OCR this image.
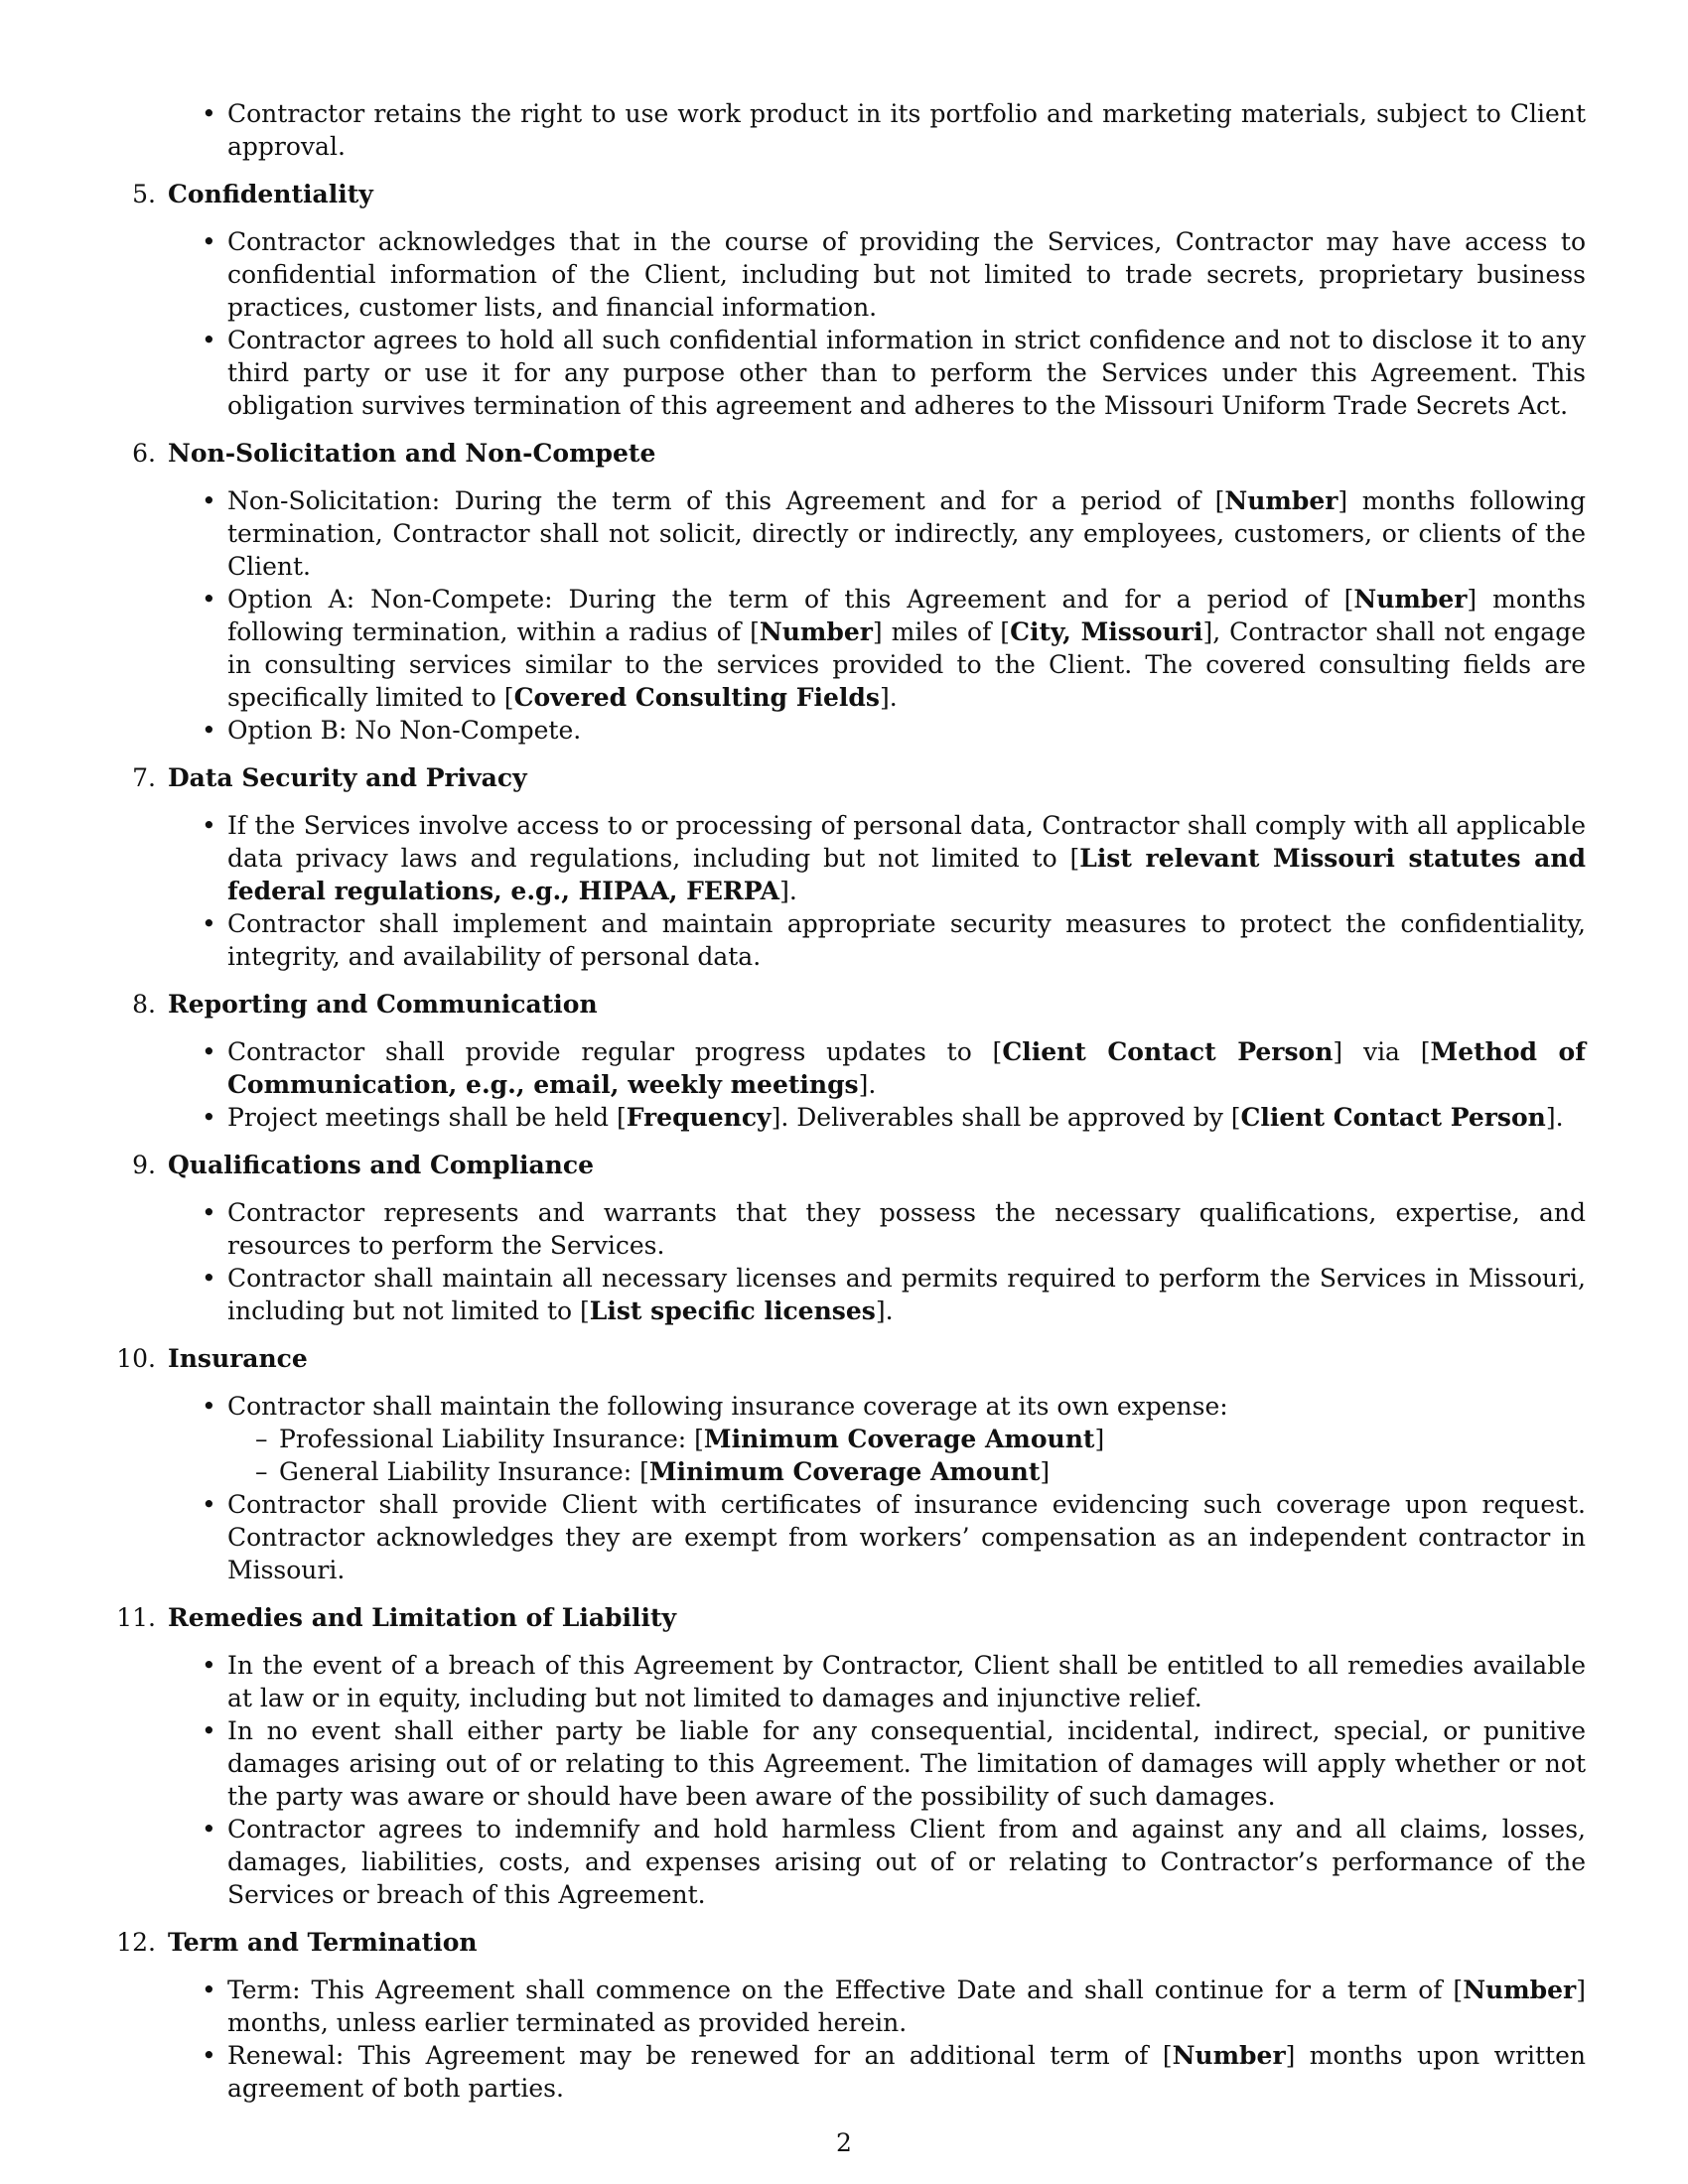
• Contractor retains the right to use work product in its portfolio and marketing materials, subject to Client approval.
5. Confidentiality
• Contractor acknowledges that in the course of providing the Services, Contractor may have access to confidential information of the Client, including but not limited to trade secrets, proprietary business practices, customer lists, and financial information.
• Contractor agrees to hold all such confidential information in strict confidence and not to disclose it to any third party or use it for any purpose other than to perform the Services under this Agreement. This obligation survives termination of this agreement and adheres to the Missouri Uniform Trade Secrets Act.
6. Non-Solicitation and Non-Compete
• Non-Solicitation: During the term of this Agreement and for a period of [Number] months following termination, Contractor shall not solicit, directly or indirectly, any employees, customers, or clients of the Client.
• Option A: Non-Compete: During the term of this Agreement and for a period of [Number] months following termination, within a radius of [Number] miles of [City, Missouri], Contractor shall not engage in consulting services similar to the services provided to the Client. The covered consulting fields are specifically limited to [Covered Consulting Fields].
• Option B: No Non-Compete.
7. Data Security and Privacy
• If the Services involve access to or processing of personal data, Contractor shall comply with all applicable data privacy laws and regulations, including but not limited to [List relevant Missouri statutes and federal regulations, e.g., HIPAA, FERPA].
• Contractor shall implement and maintain appropriate security measures to protect the confidentiality, integrity, and availability of personal data.
8. Reporting and Communication
• Contractor shall provide regular progress updates to [Client Contact Person] via [Method of Communication, e.g., email, weekly meetings].
• Project meetings shall be held [Frequency]. Deliverables shall be approved by [Client Contact Person].
9. Qualifications and Compliance
• Contractor represents and warrants that they possess the necessary qualifications, expertise, and resources to perform the Services.
• Contractor shall maintain all necessary licenses and permits required to perform the Services in Missouri, including but not limited to [List specific licenses].
10. Insurance
• Contractor shall maintain the following insurance coverage at its own expense:
– Professional Liability Insurance: [Minimum Coverage Amount]
– General Liability Insurance: [Minimum Coverage Amount]
• Contractor shall provide Client with certificates of insurance evidencing such coverage upon request. Contractor acknowledges they are exempt from workers’ compensation as an independent contractor in Missouri.
11. Remedies and Limitation of Liability
• In the event of a breach of this Agreement by Contractor, Client shall be entitled to all remedies available at law or in equity, including but not limited to damages and injunctive relief.
• In no event shall either party be liable for any consequential, incidental, indirect, special, or punitive damages arising out of or relating to this Agreement. The limitation of damages will apply whether or not the party was aware or should have been aware of the possibility of such damages.
• Contractor agrees to indemnify and hold harmless Client from and against any and all claims, losses, damages, liabilities, costs, and expenses arising out of or relating to Contractor’s performance of the Services or breach of this Agreement.
12. Term and Termination
• Term: This Agreement shall commence on the Effective Date and shall continue for a term of [Number] months, unless earlier terminated as provided herein.
• Renewal: This Agreement may be renewed for an additional term of [Number] months upon written agreement of both parties.
2
